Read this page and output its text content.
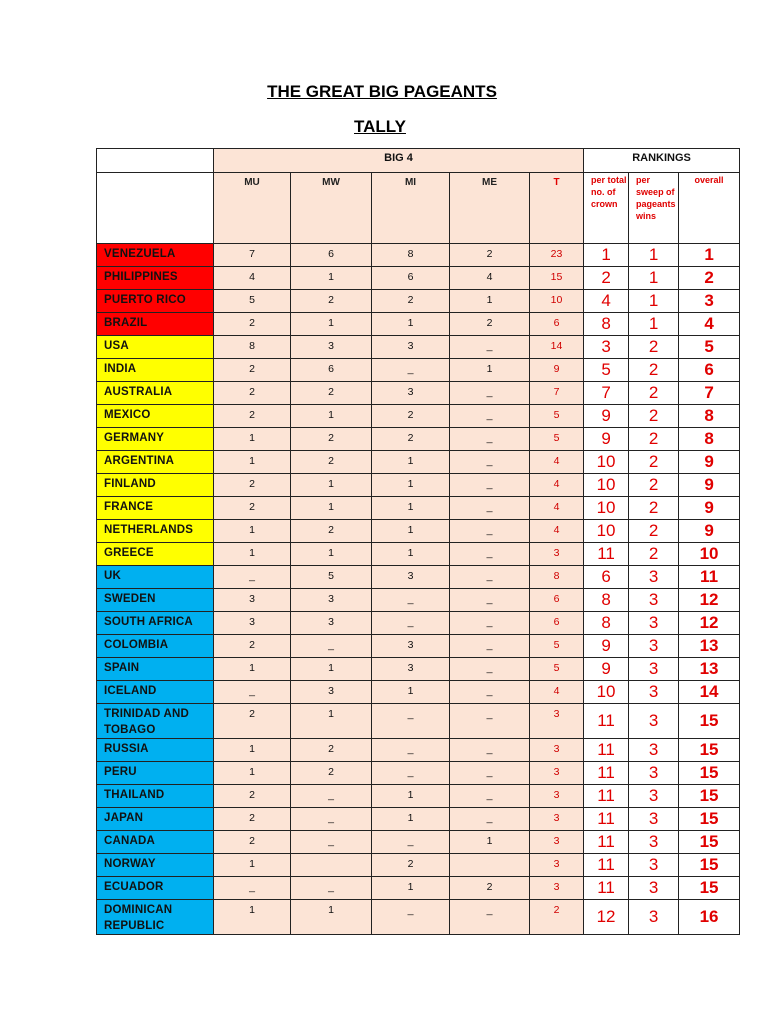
THE GREAT BIG PAGEANTS
TALLY
	BIG 4					RANKINGS		
	MU	MW	MI	ME	T	per total no. of crown	per sweep of pageants wins	overall
VENEZUELA	7	6	8	2	23	1	1	1
PHILIPPINES	4	1	6	4	15	2	1	2
PUERTO RICO	5	2	2	1	10	4	1	3
BRAZIL	2	1	1	2	6	8	1	4
USA	8	3	3	_	14	3	2	5
INDIA	2	6	_	1	9	5	2	6
AUSTRALIA	2	2	3	_	7	7	2	7
MEXICO	2	1	2	_	5	9	2	8
GERMANY	1	2	2	_	5	9	2	8
ARGENTINA	1	2	1	_	4	10	2	9
FINLAND	2	1	1	_	4	10	2	9
FRANCE	2	1	1	_	4	10	2	9
NETHERLANDS	1	2	1	_	4	10	2	9
GREECE	1	1	1	_	3	11	2	10
UK	_	5	3	_	8	6	3	11
SWEDEN	3	3	_	_	6	8	3	12
SOUTH AFRICA	3	3	_	_	6	8	3	12
COLOMBIA	2	_	3	_	5	9	3	13
SPAIN	1	1	3	_	5	9	3	13
ICELAND	_	3	1	_	4	10	3	14
TRINIDAD AND TOBAGO	2	1	_	_	3	11	3	15
RUSSIA	1	2	_	_	3	11	3	15
PERU	1	2	_	_	3	11	3	15
THAILAND	2	_	1	_	3	11	3	15
JAPAN	2	_	1	_	3	11	3	15
CANADA	2	_	_	1	3	11	3	15
NORWAY	1		2		3	11	3	15
ECUADOR	_	_	1	2	3	11	3	15
DOMINICAN REPUBLIC	1	1	_	_	2	12	3	16
